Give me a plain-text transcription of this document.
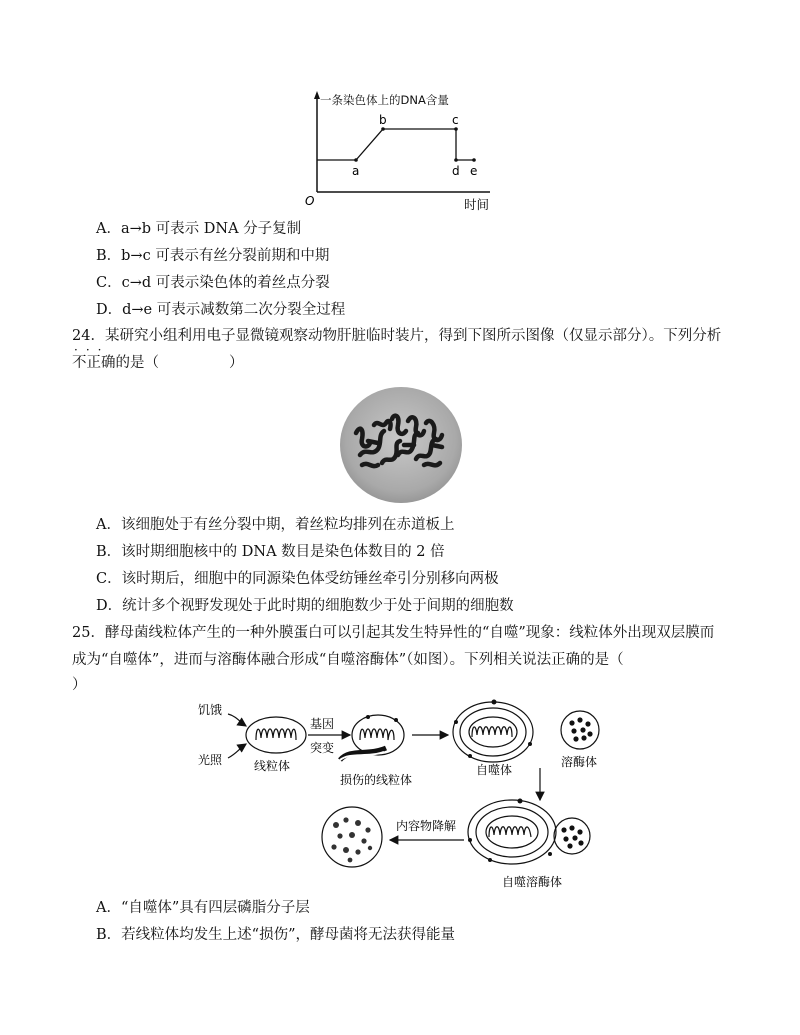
一条染色体上的DNA含量
a
b	c
d e
O	时间
A．a→b 可表示 DNA 分子复制
B．b→c 可表示有丝分裂前期和中期
C．c→d 可表示染色体的着丝点分裂
D．d→e 可表示减数第二次分裂全过程
24．某研究小组利用电子显微镜观察动物肝脏临时装片，得到下图所示图像（仅显示部分）。下列分析
···
不正确的是（	）
A．该细胞处于有丝分裂中期，着丝粒均排列在赤道板上
B．该时期细胞核中的 DNA 数目是染色体数目的 2 倍
C．该时期后，细胞中的同源染色体受纺锤丝牵引分别移向两极
D．统计多个视野发现处于此时期的细胞数少于处于间期的细胞数
25．酵母菌线粒体产生的一种外膜蛋白可以引起其发生特异性的“自噬”现象：线粒体外出现双层膜而
成为“自噬体”，进而与溶酶体融合形成“自噬溶酶体”（如图）。下列相关说法正确的是（
）
饥饿
光照	线粒体
基因
突变
损伤的线粒体
自噬体
溶酶体
内容物降解
自噬溶酶体
A．“自噬体”具有四层磷脂分子层
B．若线粒体均发生上述“损伤”，酵母菌将无法获得能量
